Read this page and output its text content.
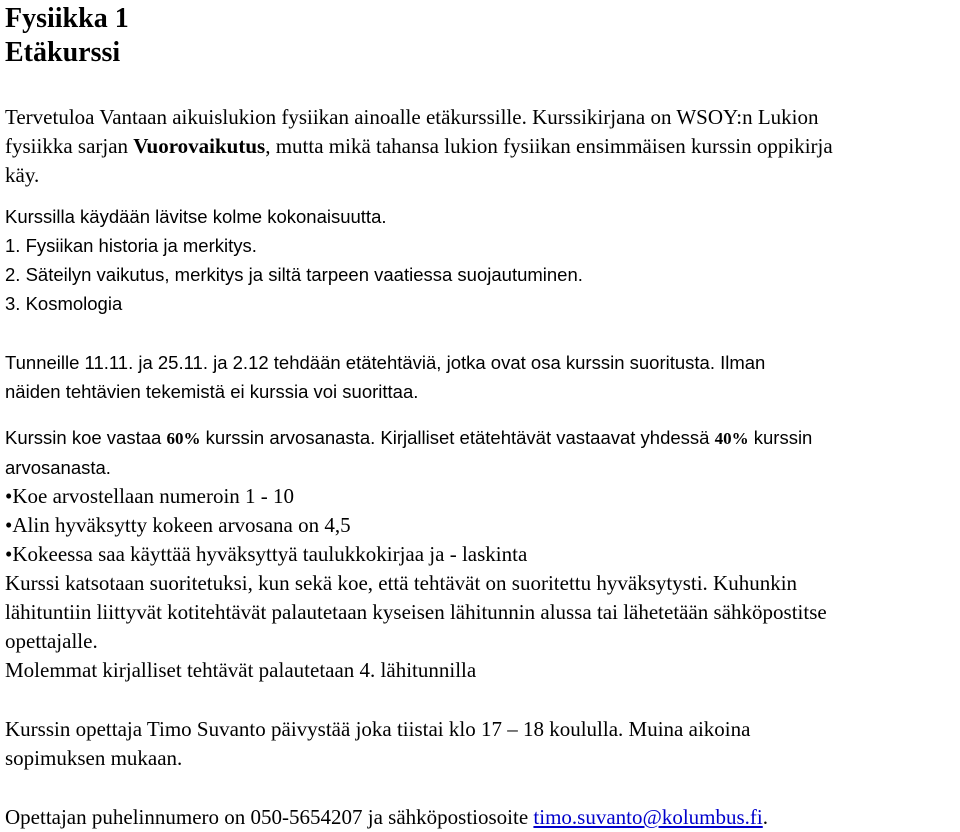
Fysiikka 1
Etäkurssi

Tervetuloa Vantaan aikuislukion fysiikan ainoalle etäkurssille. Kurssikirjana on WSOY:n Lukion

fysiikka sarjan Vuorovaikutus, mutta mikä tahansa lukion fysiikan ensimmäisen kurssin oppikirja

käy.

Kurssilla käydään lävitse kolme kokonaisuutta.

1. Fysiikan historia ja merkitys.

2. Säteilyn vaikutus, merkitys ja siltä tarpeen vaatiessa suojautuminen.

3. Kosmologia

Tunneille 11.11. ja 25.11. ja 2.12 tehdään etätehtäviä, jotka ovat osa kurssin suoritusta. Ilman

näiden tehtävien tekemistä ei kurssia voi suorittaa.

Kurssin koe vastaa 60% kurssin arvosanasta. Kirjalliset etätehtävät vastaavat yhdessä 40% kurssin

arvosanasta.

• Koe arvostellaan numeroin 1 - 10

• Alin hyväksytty kokeen arvosana on 4,5

• Kokeessa saa käyttää hyväksyttyä taulukkokirjaa ja - laskinta

Kurssi katsotaan suoritetuksi, kun sekä koe, että tehtävät on suoritettu hyväksytysti. Kuhunkin

lähituntiin liittyvät kotitehtävät palautetaan kyseisen lähitunnin alussa tai lähetetään sähköpostitse

opettajalle.

Molemmat kirjalliset tehtävät palautetaan 4. lähitunnilla

Kurssin opettaja Timo Suvanto päivystää joka tiistai klo 17 – 18 koululla. Muina aikoina

sopimuksen mukaan.

Opettajan puhelinnumero on 050-5654207 ja sähköpostiosoite timo.suvanto@kolumbus.fi.
